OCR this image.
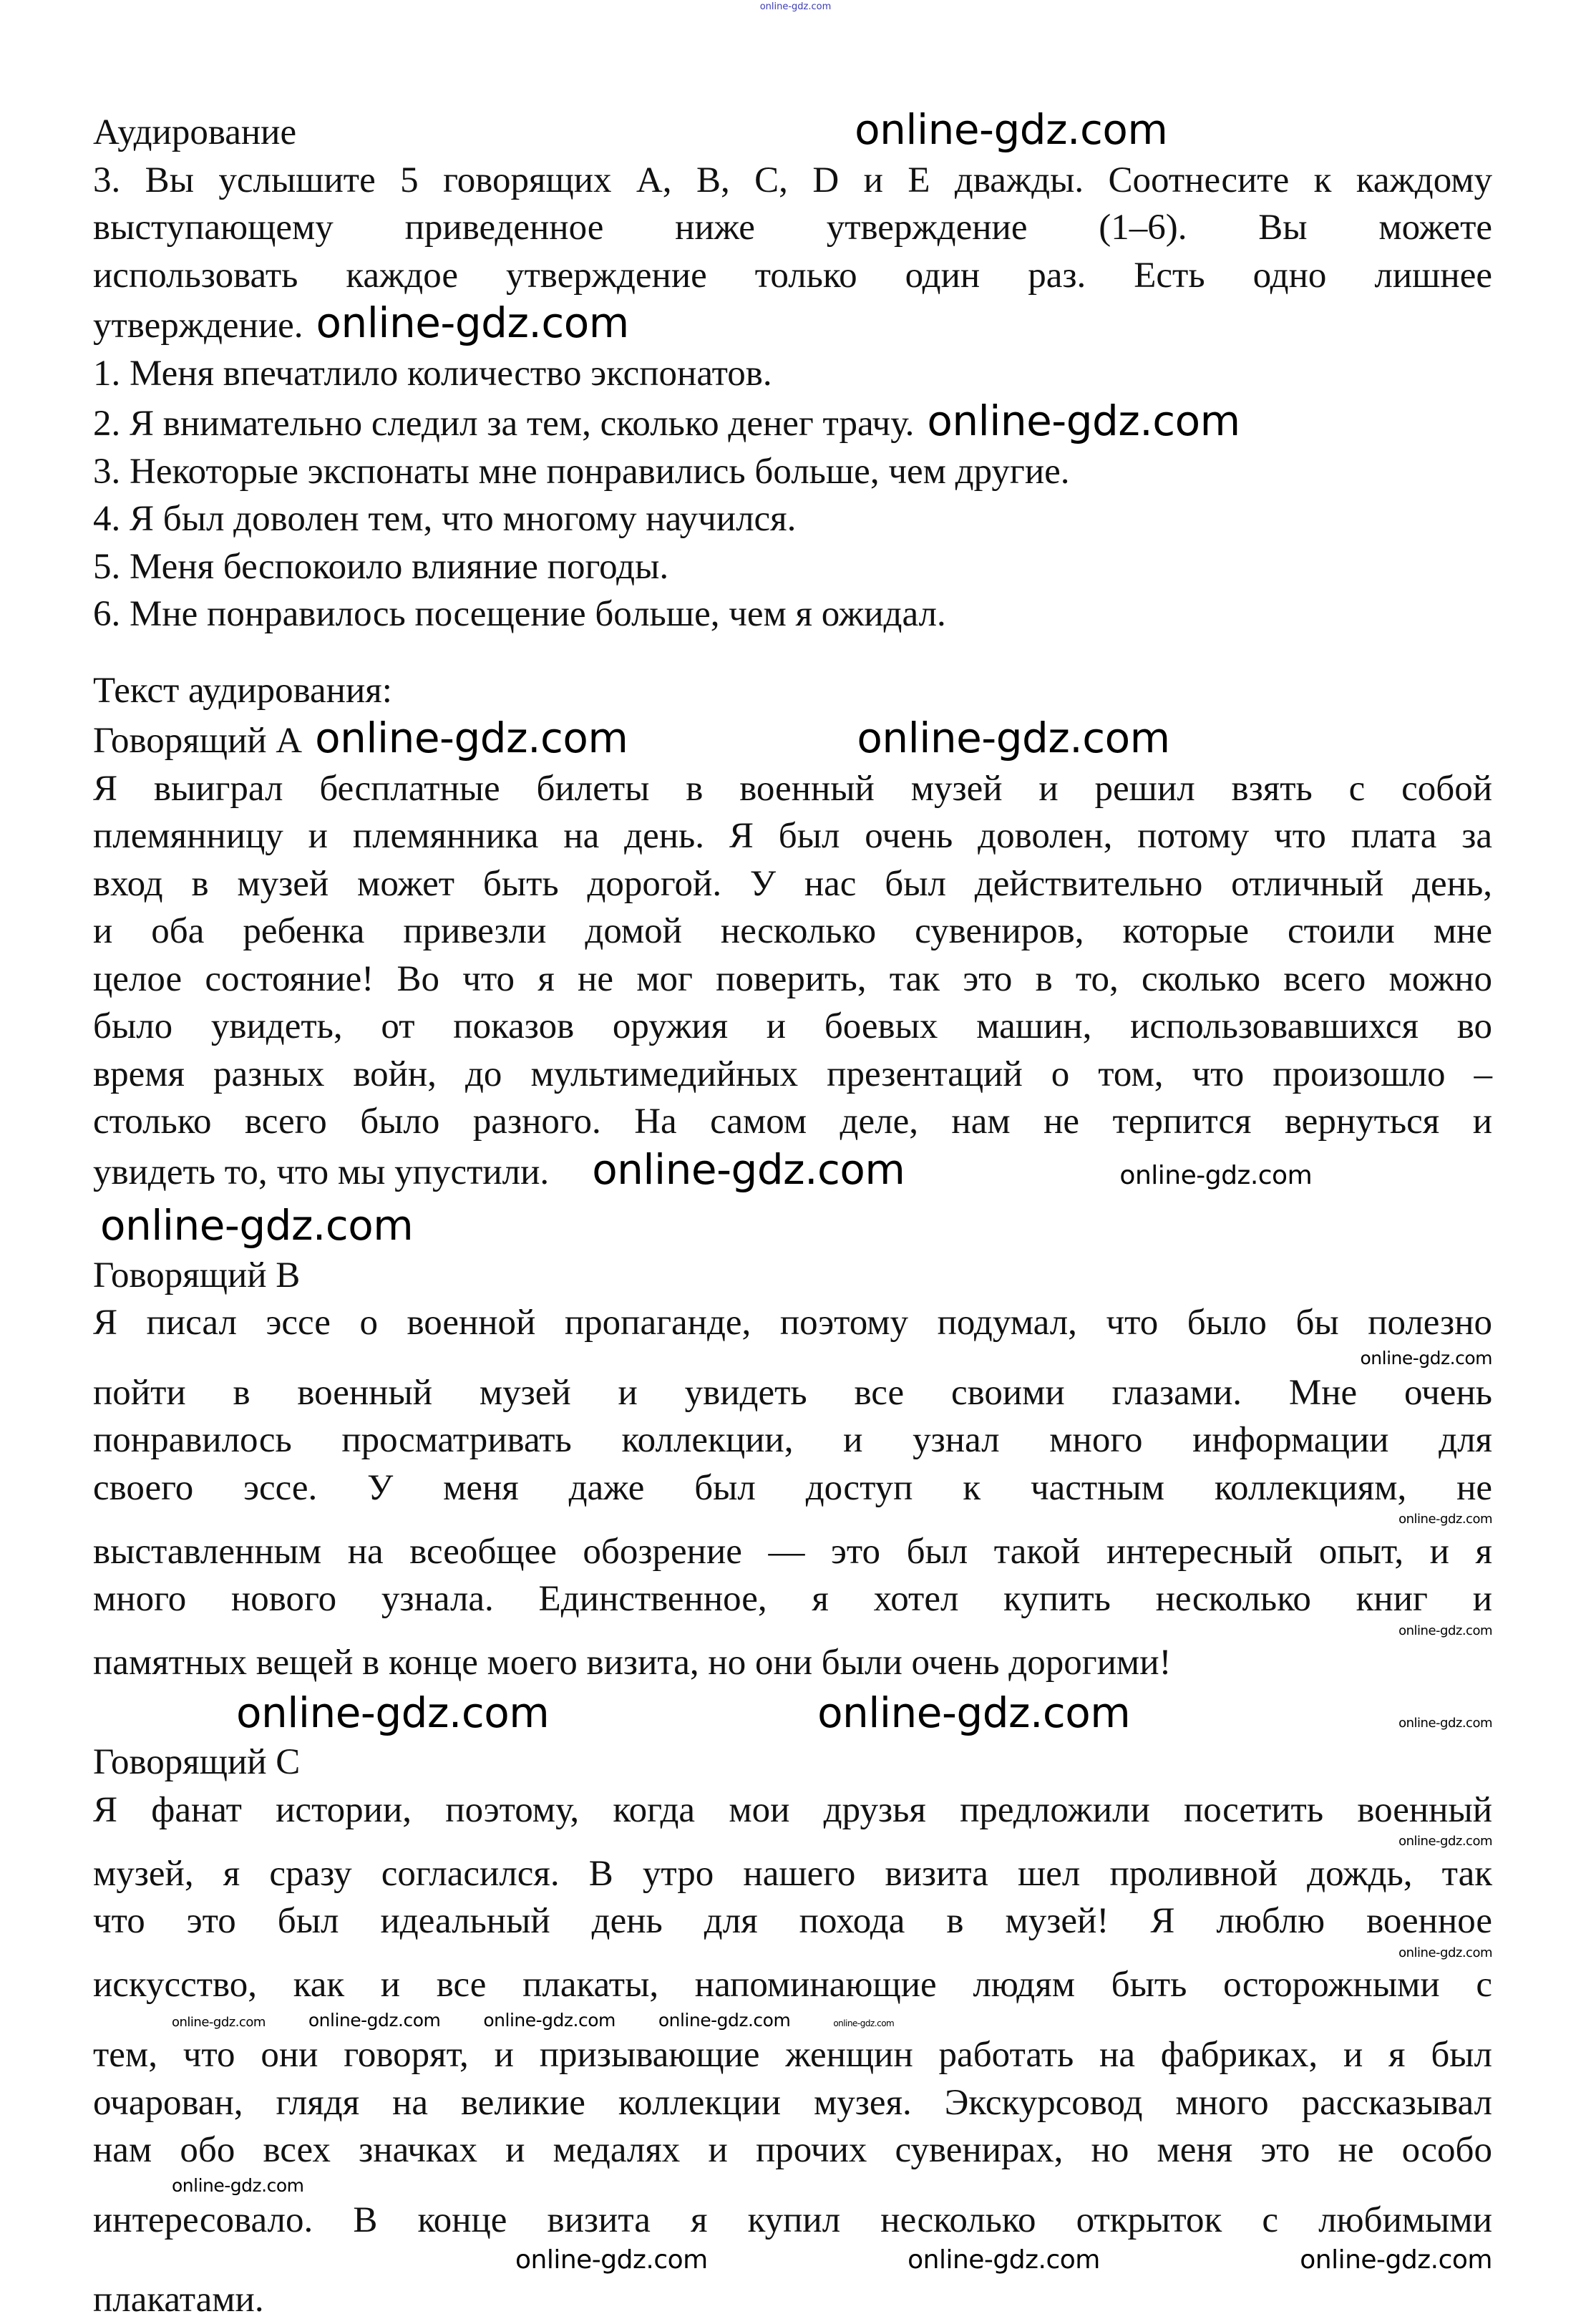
online-gdz.com
Аудирование	online-gdz.com
3. Вы услышите 5 говорящих A, B, C, D и E дважды. Соотнесите к каждому
выступающему приведенное ниже утверждение (1–6). Вы можете
использовать каждое утверждение только один раз. Есть одно лишнее
утверждение. online-gdz.com
1. Меня впечатлило количество экспонатов.
2. Я внимательно следил за тем, сколько денег трачу. online-gdz.com
3. Некоторые экспонаты мне понравились больше, чем другие.
4. Я был доволен тем, что многому научился.
5. Меня беспокоило влияние погоды.
6. Мне понравилось посещение больше, чем я ожидал.
Текст аудирования:
Говорящий A online-gdz.com	online-gdz.com
Я выиграл бесплатные билеты в военный музей и решил взять с собой
племянницу и племянника на день. Я был очень доволен, потому что плата за
вход в музей может быть дорогой. У нас был действительно отличный день,
и оба ребенка привезли домой несколько сувениров, которые стоили мне
целое состояние! Во что я не мог поверить, так это в то, сколько всего можно
было увидеть, от показов оружия и боевых машин, использовавшихся во
время разных войн, до мультимедийных презентаций о том, что произошло –
столько всего было разного. На самом деле, нам не терпится вернуться и
увидеть то, что мы упустили. online-gdz.com	online-gdz.com
online-gdz.com
Говорящий B
Я писал эссе о военной пропаганде, поэтому подумал, что было бы полезно
online-gdz.com
пойти в военный музей и увидеть все своими глазами. Мне очень
понравилось просматривать коллекции, и узнал много информации для
своего эссе. У меня даже был доступ к частным коллекциям, не
online-gdz.com
выставленным на всеобщее обозрение — это был такой интересный опыт, и я
много нового узнала. Единственное, я хотел купить несколько книг и
online-gdz.com
памятных вещей в конце моего визита, но они были очень дорогими!
online-gdz.com	online-gdz.com	online-gdz.com
Говорящий C
Я фанат истории, поэтому, когда мои друзья предложили посетить военный
online-gdz.com
музей, я сразу согласился. В утро нашего визита шел проливной дождь, так
что это был идеальный день для похода в музей! Я люблю военное
online-gdz.com
искусство, как и все плакаты, напоминающие людям быть осторожными с
online-gdz.com online-gdz.com online-gdz.com online-gdz.com	online-gdz.com
тем, что они говорят, и призывающие женщин работать на фабриках, и я был
очарован, глядя на великие коллекции музея. Экскурсовод много рассказывал
нам обо всех значках и медалях и прочих сувенирах, но меня это не особо
online-gdz.com
интересовало. В конце визита я купил несколько открыток с любимыми
online-gdz.com	online-gdz.com	online-gdz.com
плакатами.
